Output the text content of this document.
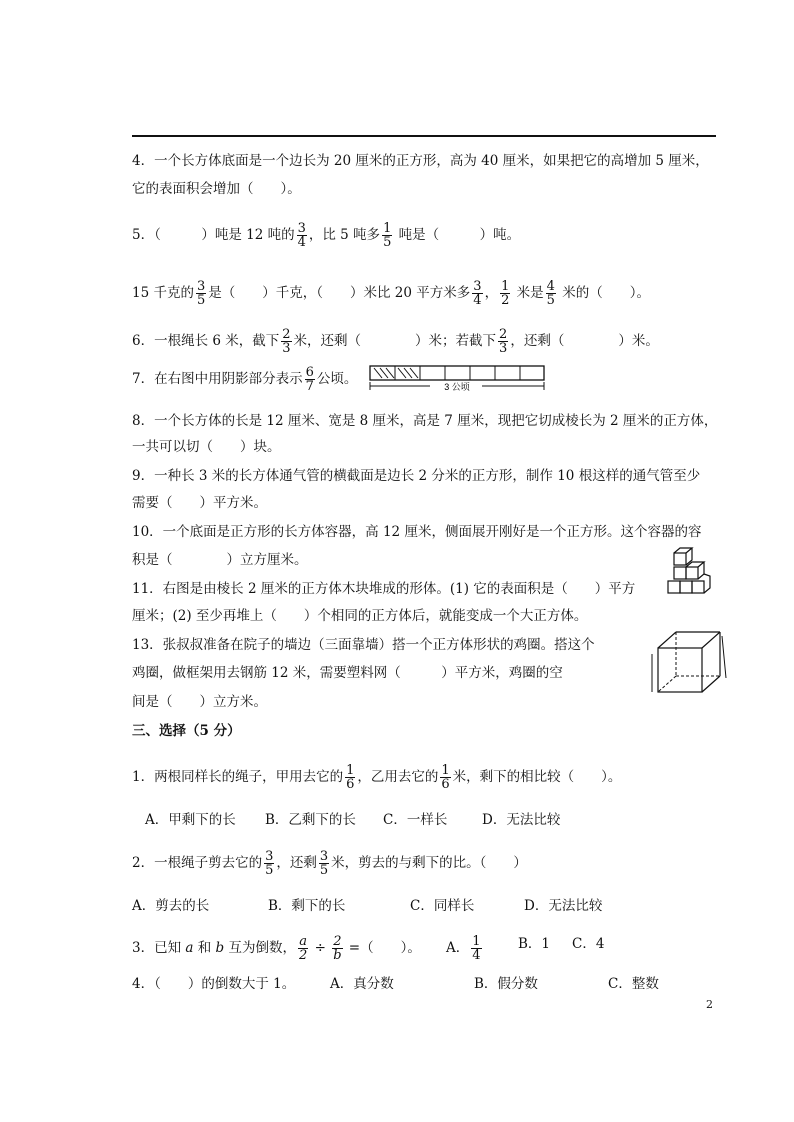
4．一个长方体底面是一个边长为 20 厘米的正方形，高为 40 厘米，如果把它的高增加 5 厘米，
它的表面积会增加（　　）。
5．（　　　）吨是 12 吨的 $\frac{3}{4}$ ，比 5 吨多 $\frac{1}{5}$ 吨是（　　　）吨。
15 千克的 $\frac{3}{5}$ 是（　　）千克，（　　）米比 20 平方米多 $\frac{3}{4}$ ， $\frac{1}{2}$ 米是 $\frac{4}{5}$ 米的（　　）。
6．一根绳长 6 米，截下 $\frac{2}{3}$ 米，还剩（　　　　）米；若截下 $\frac{2}{3}$ ，还剩（　　　　）米。
7．在右图中用阴影部分表示 $\frac{6}{7}$ 公顷。	3 公顷
8．一个长方体的长是 12 厘米、宽是 8 厘米，高是 7 厘米，现把它切成棱长为 2 厘米的正方体，
一共可以切（　　）块。
9．一种长 3 米的长方体通气管的横截面是边长 2 分米的正方形，制作 10 根这样的通气管至少
需要（　　）平方米。
10．一个底面是正方形的长方体容器，高 12 厘米，侧面展开刚好是一个正方形。这个容器的容
积是（　　　　）立方厘米。
11．右图是由棱长 2 厘米的正方体木块堆成的形体。(1) 它的表面积是（　　）平方
厘米；(2) 至少再堆上（　　）个相同的正方体后，就能变成一个大正方体。
13．张叔叔准备在院子的墙边（三面靠墙）搭一个正方体形状的鸡圈。搭这个
鸡圈，做框架用去钢筋 12 米，需要塑料网（　　　）平方米，鸡圈的空
间是（　　）立方米。
三、选择（5 分）
1．两根同样长的绳子，甲用去它的 $\frac{1}{6}$ ，乙用去它的 $\frac{1}{6}$ 米，剩下的相比较（　　）。
A．甲剩下的长 B．乙剩下的长 C．一样长	D．无法比较
2．一根绳子剪去它的 $\frac{3}{5}$ ，还剩 $\frac{3}{5}$ 米，剪去的与剩下的比。（　　）
A．剪去的长	B．剩下的长	C．同样长	D．无法比较
3．已知 a 和 b 互为倒数， $\frac{a}{2} \div \frac{2}{b}$ =（　　）。 A． $\frac{1}{4}$	B．1 C．4
4．（　　）的倒数大于 1。	A．真分数	B．假分数	C．整数
2
